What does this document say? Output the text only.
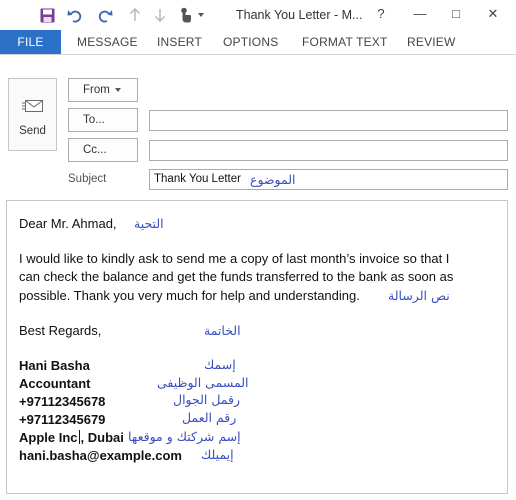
Thank You Letter - M...	?	—	□	✕
FILE	MESSAGE INSERT OPTIONS FORMAT TEXT REVIEW
Send
From
To...
Cc...
Subject	Thank You Letter الموضوع
Dear Mr. Ahmad, التحية
I would like to kindly ask to send me a copy of last month’s invoice so that I
can check the balance and get the funds transferred to the bank as soon as
possible. Thank you very much for help and understanding. نص الرسالة
Best Regards,	الخاتمة
Hani Basha	إسمك
Accountant	المسمى الوظيفى
+97112345678	رقمل الجوال
+97112345679	رقم العمل
Apple Inc , Dubai إسم شركتك و موقعها
hani.basha@example.com إيميلك
